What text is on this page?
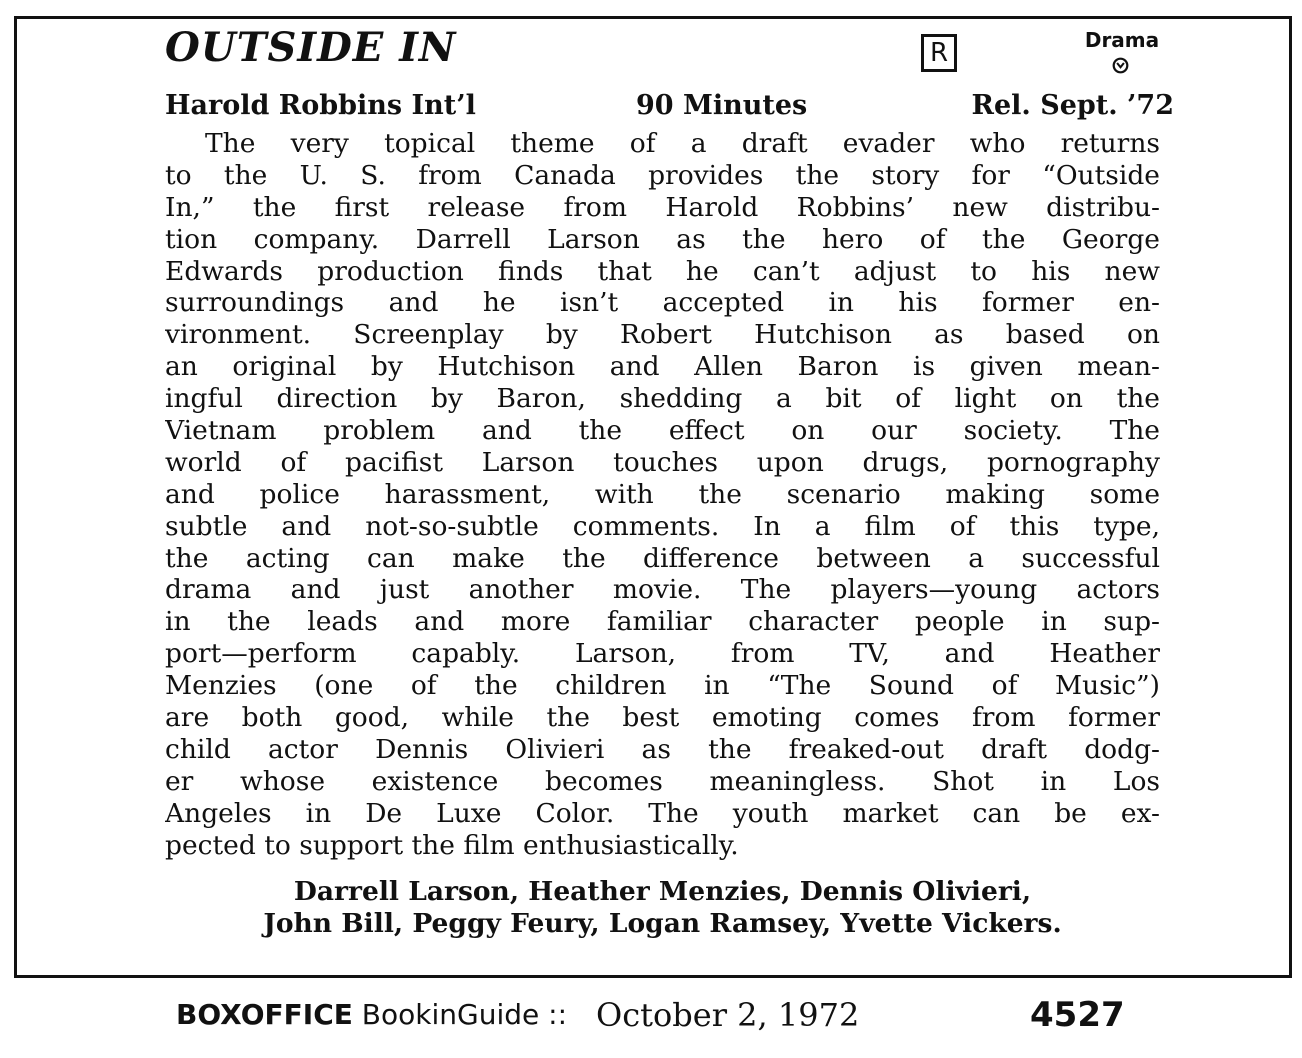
OUTSIDE IN	R	Drama
Harold Robbins Int’l	90 Minutes	Rel. Sept. ’72
The very topical theme of a draft evader who returns
to the U. S. from Canada provides the story for “Outside
In,” the first release from Harold Robbins’ new distribu-
tion company. Darrell Larson as the hero of the George
Edwards production finds that he can’t adjust to his new
surroundings and he isn’t accepted in his former en-
vironment. Screenplay by Robert Hutchison as based on
an original by Hutchison and Allen Baron is given mean-
ingful direction by Baron, shedding a bit of light on the
Vietnam problem and the effect on our society. The
world of pacifist Larson touches upon drugs, pornography
and police harassment, with the scenario making some
subtle and not-so-subtle comments. In a film of this type,
the acting can make the difference between a successful
drama and just another movie. The players—young actors
in the leads and more familiar character people in sup-
port—perform capably. Larson, from TV, and Heather
Menzies (one of the children in “The Sound of Music”)
are both good, while the best emoting comes from former
child actor Dennis Olivieri as the freaked-out draft dodg-
er whose existence becomes meaningless. Shot in Los
Angeles in De Luxe Color. The youth market can be ex-
pected to support the film enthusiastically.
Darrell Larson, Heather Menzies, Dennis Olivieri,
John Bill, Peggy Feury, Logan Ramsey, Yvette Vickers.
BOXOFFICE BookinGuide :: October 2, 1972	4527
